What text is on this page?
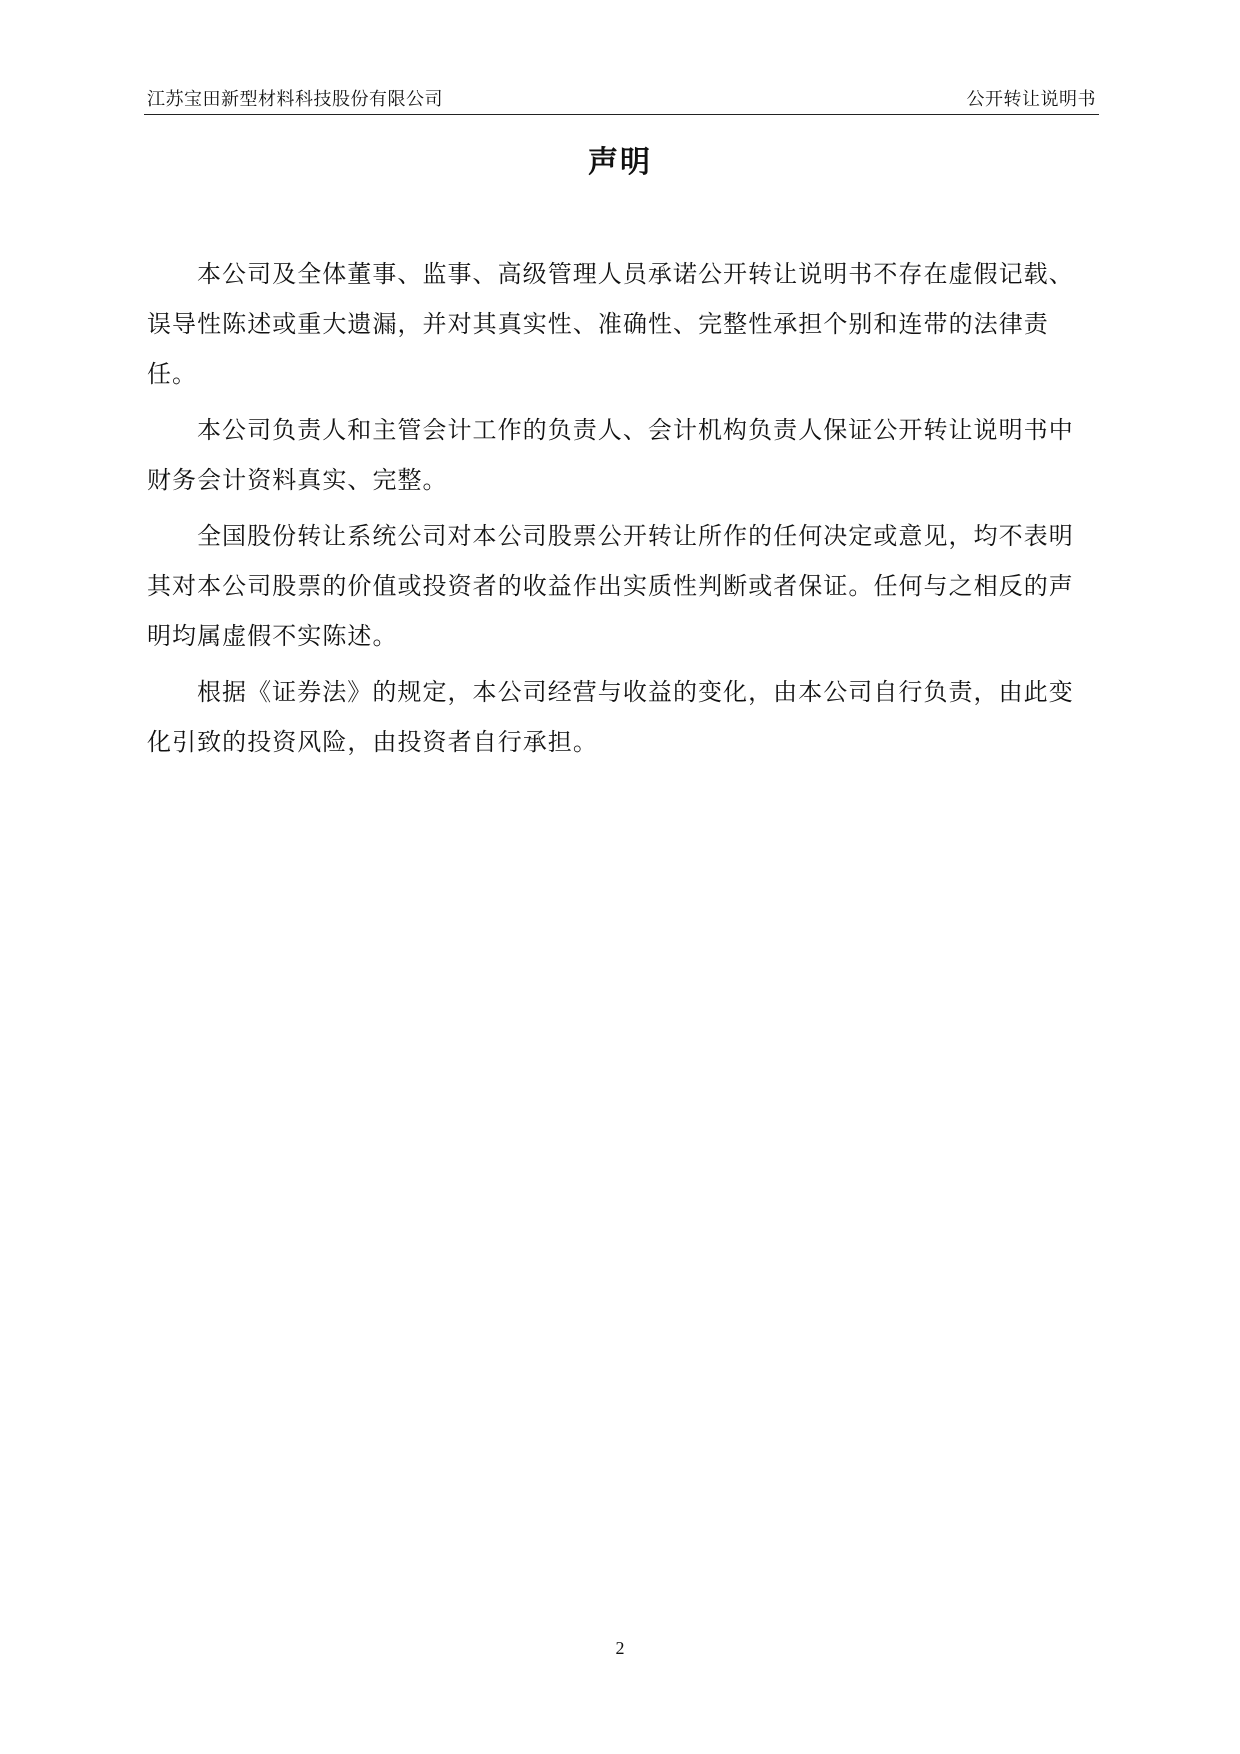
江苏宝田新型材料科技股份有限公司	公开转让说明书
声明

本公司及全体董事、监事、高级管理人员承诺公开转让说明书不存在虚假记载、误导性陈述或重大遗漏，并对其真实性、准确性、完整性承担个别和连带的法律责任。

本公司负责人和主管会计工作的负责人、会计机构负责人保证公开转让说明书中财务会计资料真实、完整。

全国股份转让系统公司对本公司股票公开转让所作的任何决定或意见，均不表明其对本公司股票的价值或投资者的收益作出实质性判断或者保证。任何与之相反的声明均属虚假不实陈述。

根据《证券法》的规定，本公司经营与收益的变化，由本公司自行负责，由此变化引致的投资风险，由投资者自行承担。

2
